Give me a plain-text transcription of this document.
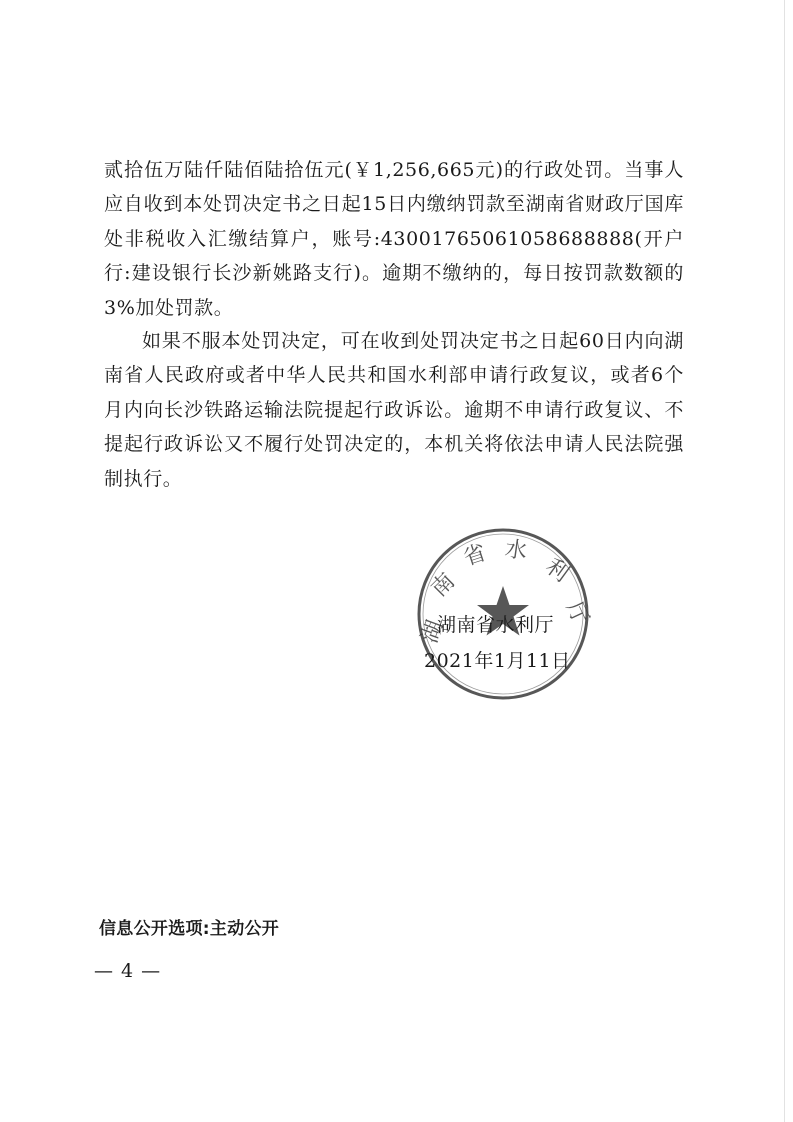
贰拾伍万陆仟陆佰陆拾伍元(￥1,256,665元)的行政处罚。当事人应自收到本处罚决定书之日起15日内缴纳罚款至湖南省财政厅国库处非税收入汇缴结算户，账号:43001765061058688888(开户行:建设银行长沙新姚路支行)。逾期不缴纳的，每日按罚款数额的3%加处罚款。

如果不服本处罚决定，可在收到处罚决定书之日起60日内向湖南省人民政府或者中华人民共和国水利部申请行政复议，或者6个月内向长沙铁路运输法院提起行政诉讼。逾期不申请行政复议、不提起行政诉讼又不履行处罚决定的，本机关将依法申请人民法院强制执行。

湖
南
省 水
利
厅

湖南省水利厅

2021年1月11日

信息公开选项:主动公开

— 4 —
